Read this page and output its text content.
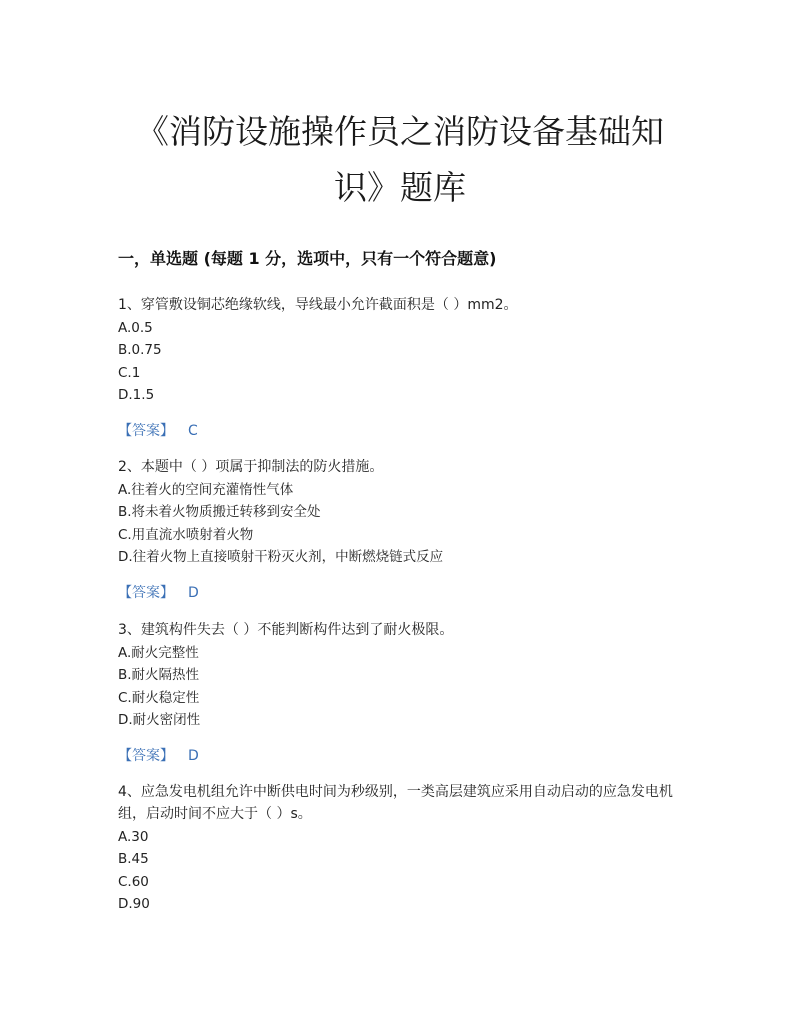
《消防设施操作员之消防设备基础知
识》题库
一，单选题 (每题 1 分，选项中，只有一个符合题意)

1、穿管敷设铜芯绝缘软线，导线最小允许截面积是（ ）mm2。

A.0.5

B.0.75

C.1

D.1.5

【答案】 C

2、本题中（ ）项属于抑制法的防火措施。

A.往着火的空间充灌惰性气体

B.将未着火物质搬迁转移到安全处

C.用直流水喷射着火物

D.往着火物上直接喷射干粉灭火剂，中断燃烧链式反应

【答案】 D

3、建筑构件失去（ ）不能判断构件达到了耐火极限。

A.耐火完整性

B.耐火隔热性

C.耐火稳定性

D.耐火密闭性

【答案】 D

4、应急发电机组允许中断供电时间为秒级别，一类高层建筑应采用自动启动的应急发电机组，启动时间不应大于（ ）s。

A.30

B.45

C.60

D.90
